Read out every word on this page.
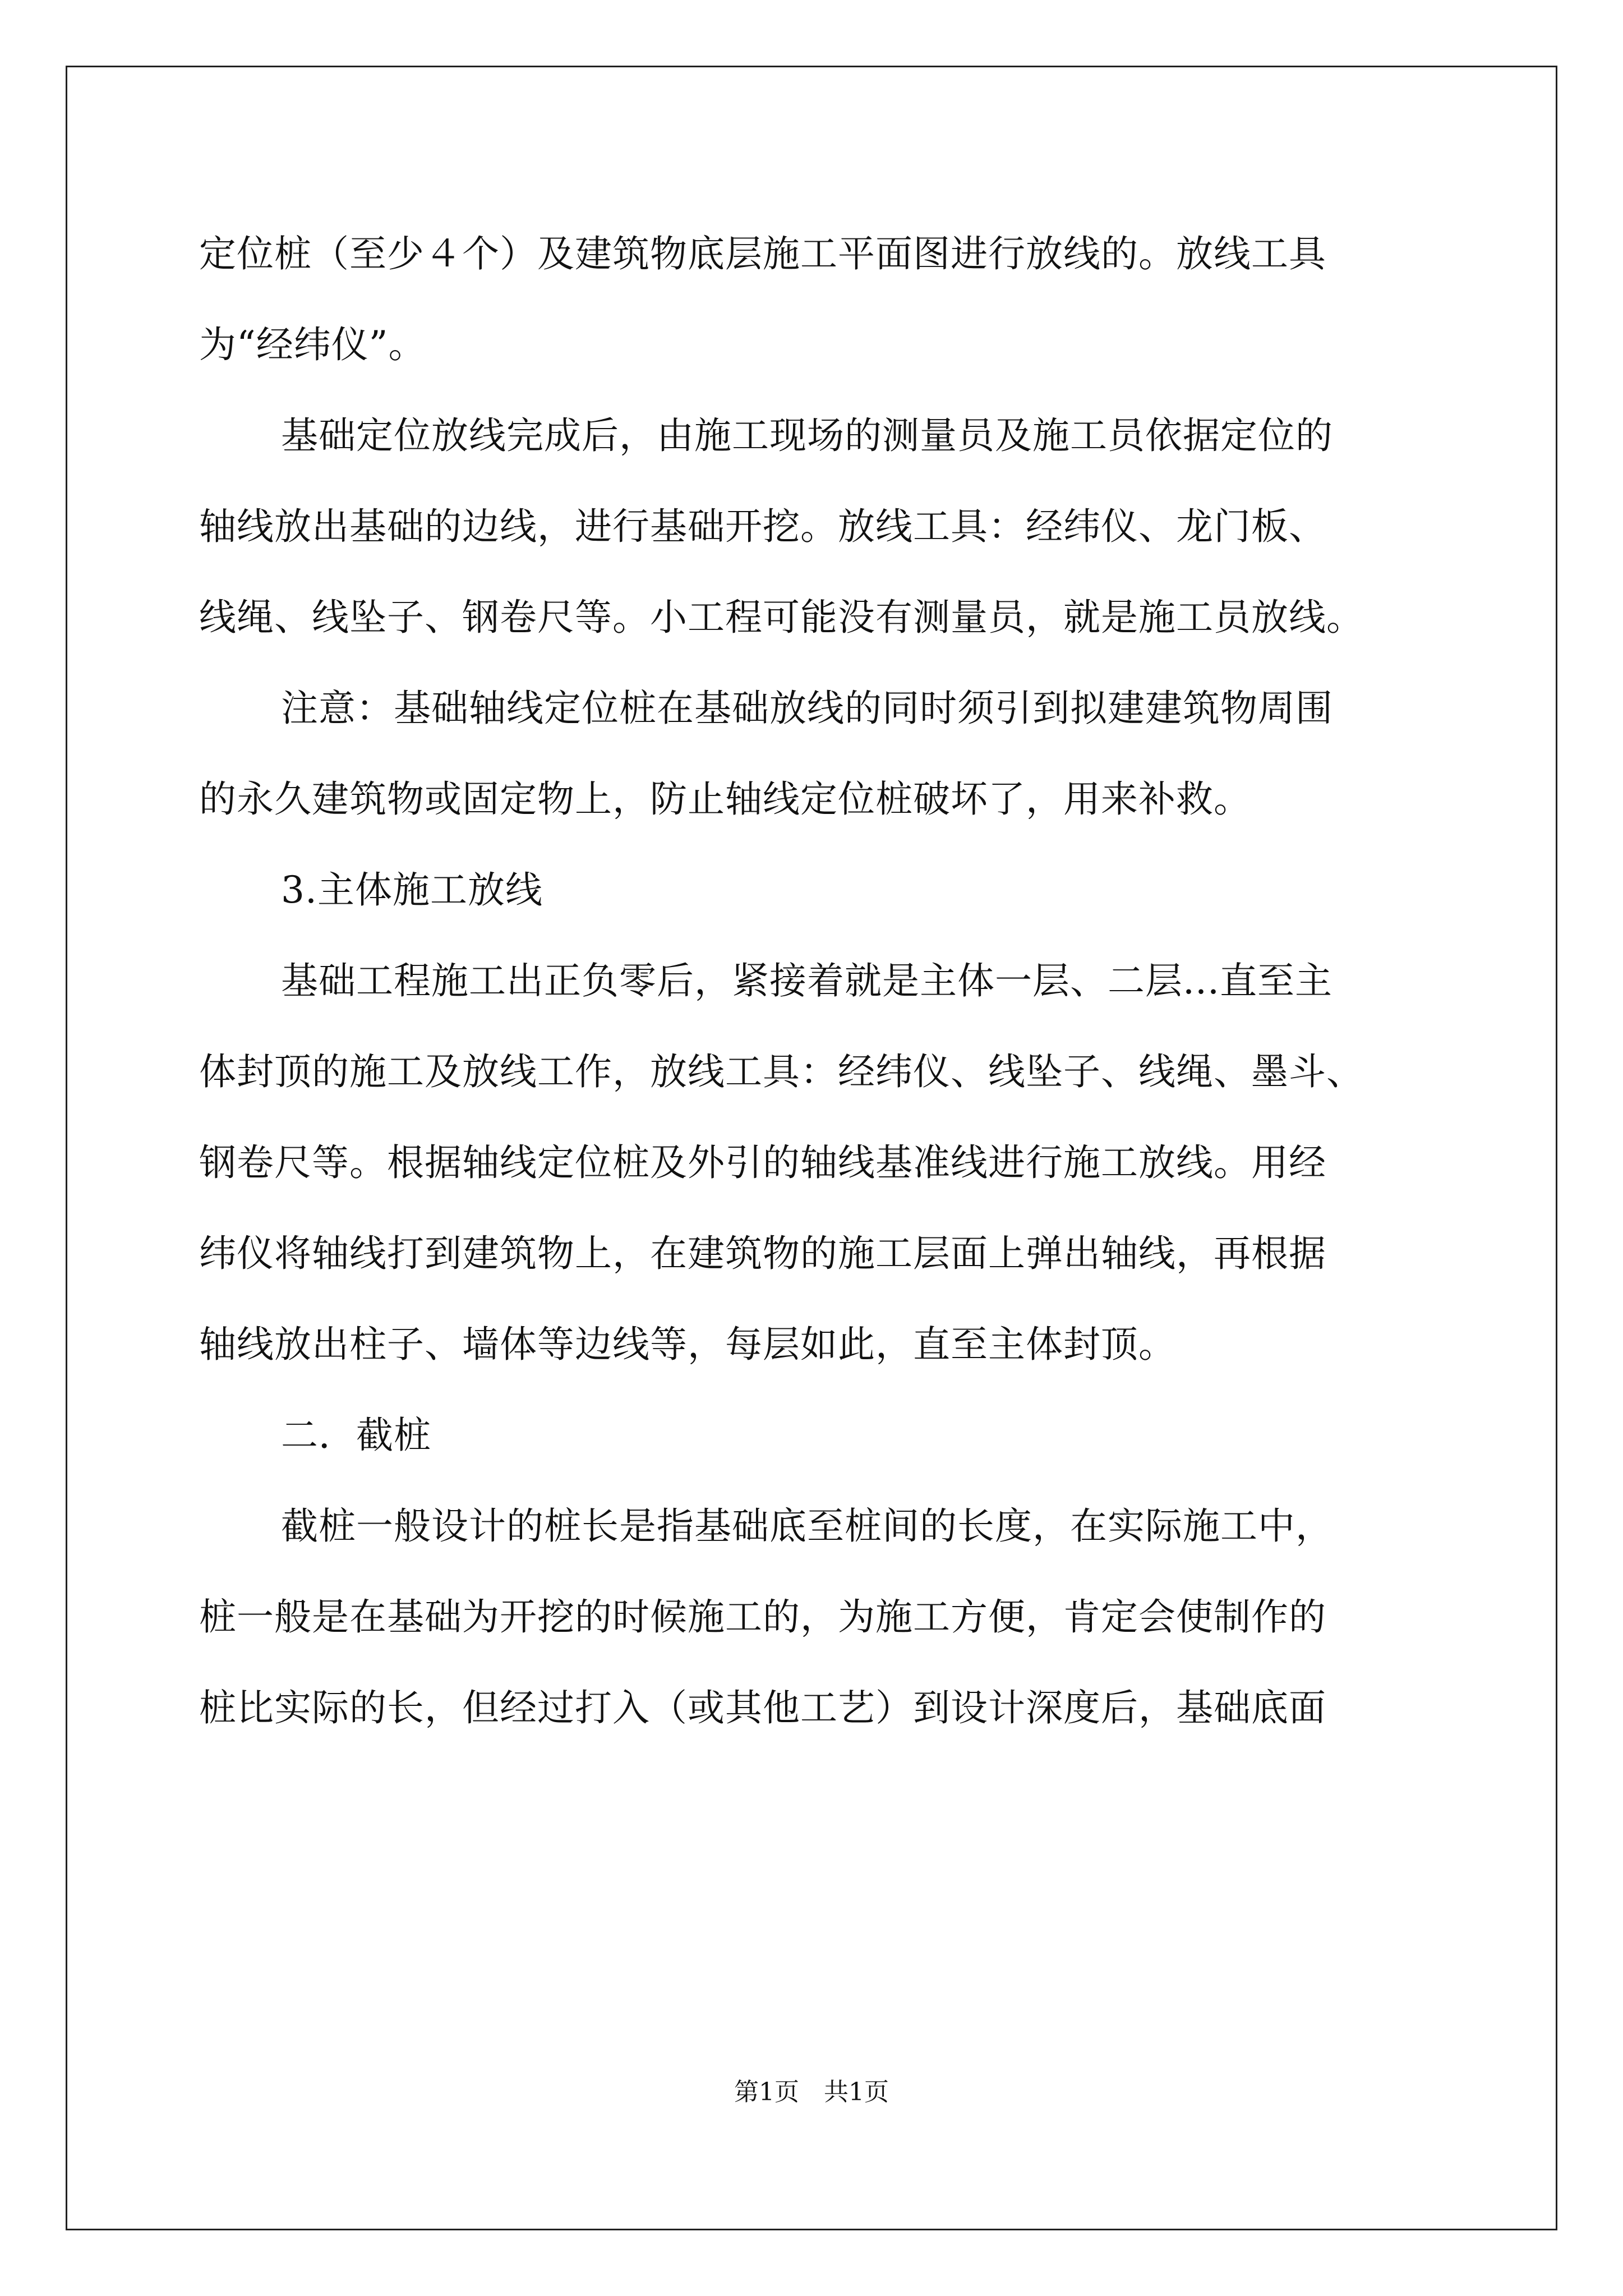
定位桩（至少４个）及建筑物底层施工平面图进行放线的。放线工具
为“经纬仪”。
基础定位放线完成后，由施工现场的测量员及施工员依据定位的
轴线放出基础的边线，进行基础开挖。放线工具：经纬仪、龙门板、
线绳、线坠子、钢卷尺等。小工程可能没有测量员，就是施工员放线。
注意：基础轴线定位桩在基础放线的同时须引到拟建建筑物周围
的永久建筑物或固定物上，防止轴线定位桩破坏了，用来补救。
3.主体施工放线
基础工程施工出正负零后，紧接着就是主体一层、二层...直至主
体封顶的施工及放线工作，放线工具：经纬仪、线坠子、线绳、墨斗、
钢卷尺等。根据轴线定位桩及外引的轴线基准线进行施工放线。用经
纬仪将轴线打到建筑物上，在建筑物的施工层面上弹出轴线，再根据
轴线放出柱子、墙体等边线等，每层如此，直至主体封顶。
二．截桩
截桩一般设计的桩长是指基础底至桩间的长度，在实际施工中，
桩一般是在基础为开挖的时候施工的，为施工方便，肯定会使制作的
桩比实际的长，但经过打入（或其他工艺）到设计深度后，基础底面
第1页　共1页
